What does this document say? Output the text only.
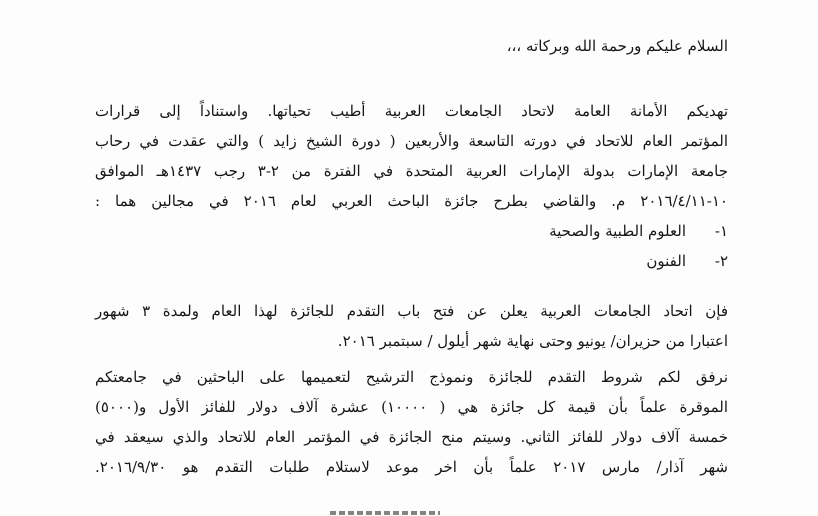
السلام عليكم ورحمة الله وبركاته ،،،
تهديكم الأمانة العامة لاتحاد الجامعات العربية أطيب تحياتها. واستناداً إلى قرارات
المؤتمر العام للاتحاد في دورته التاسعة والأربعين ( دورة الشيخ زايد ) والتي عقدت في رحاب
جامعة الإمارات بدولة الإمارات العربية المتحدة في الفترة من ٢-٣ رجب ١٤٣٧هـ الموافق
١٠-٢٠١٦/٤/١١ م. والقاضي بطرح جائزة الباحث العربي لعام ٢٠١٦ في مجالين هما :
١-
العلوم الطبية والصحية
٢-
الفنون
فإن اتحاد الجامعات العربية يعلن عن فتح باب التقدم للجائزة لهذا العام ولمدة ٣ شهور
اعتبارا من حزيران/ يونيو وحتى نهاية شهر أيلول / سبتمبر ٢٠١٦.
نرفق لكم شروط التقدم للجائزة ونموذج الترشيح لتعميمها على الباحثين في جامعتكم
الموقرة علماً بأن قيمة كل جائزة هي ( ١٠٠٠٠) عشرة آلاف دولار للفائز الأول و(٥٠٠٠)
خمسة آلاف دولار للفائز الثاني. وسيتم منح الجائزة في المؤتمر العام للاتحاد والذي سيعقد في
شهر آذار/ مارس ٢٠١٧ علماً بأن اخر موعد لاستلام طلبات التقدم هو ٢٠١٦/٩/٣٠.
